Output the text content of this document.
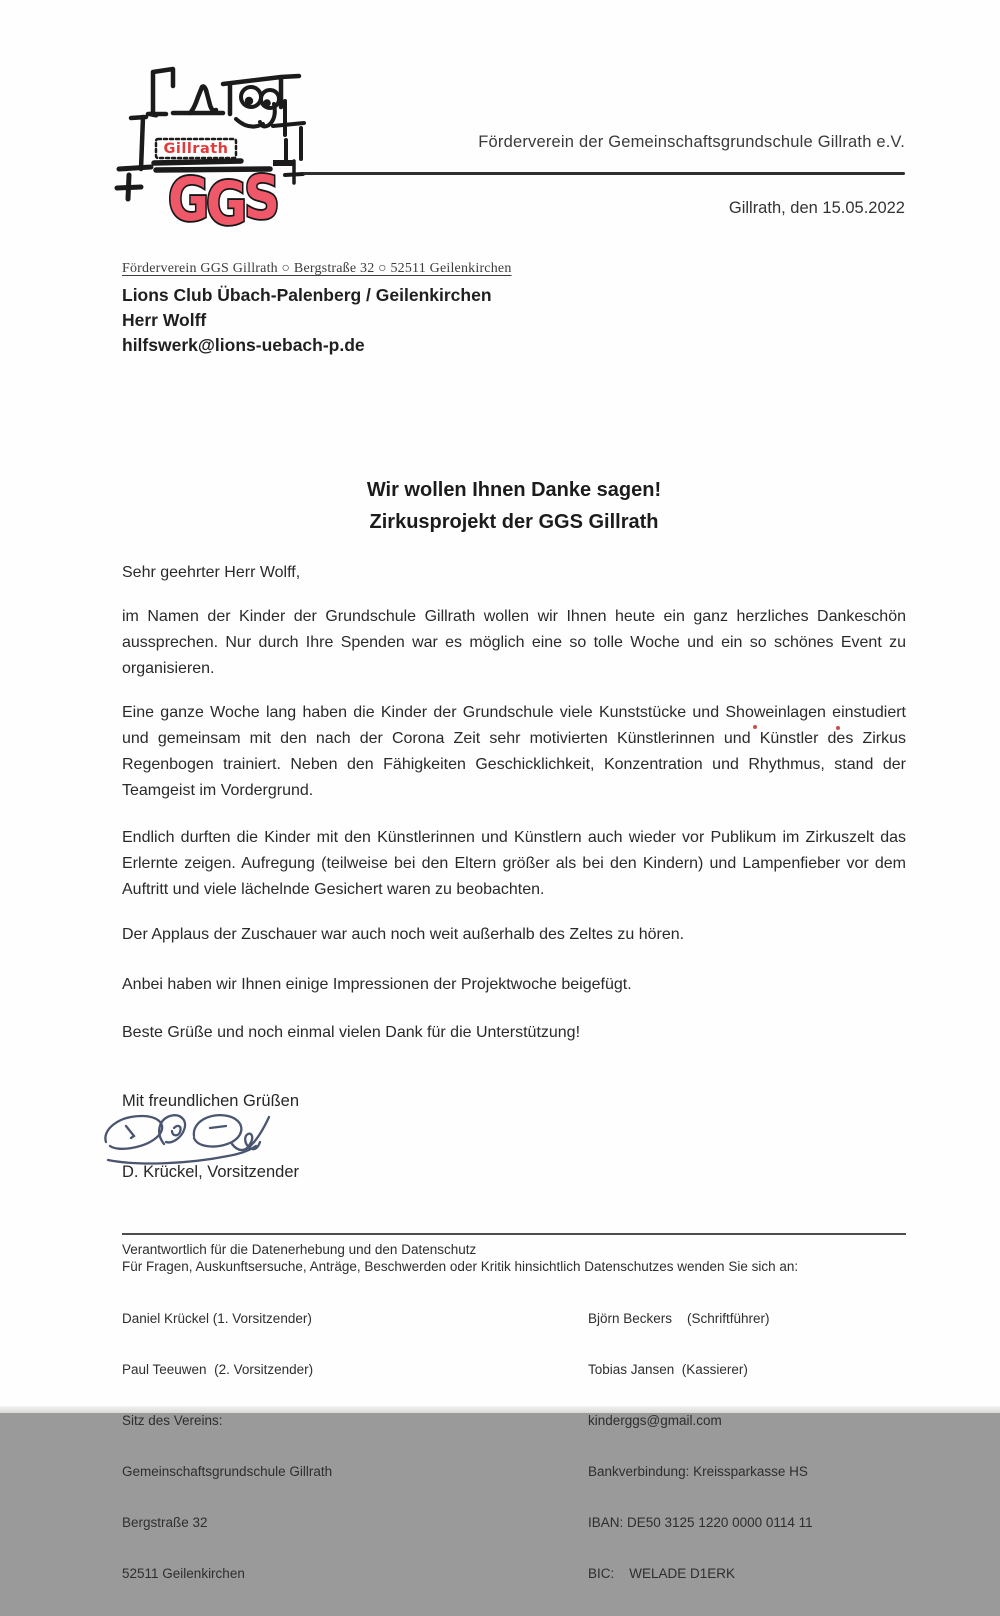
Gillrath
GGS
Förderverein der Gemeinschaftsgrundschule Gillrath e.V.
Gillrath, den 15.05.2022
Förderverein GGS Gillrath ○ Bergstraße 32 ○ 52511 Geilenkirchen
Lions Club Übach-Palenberg / Geilenkirchen
Herr Wolff
hilfswerk@lions-uebach-p.de
Wir wollen Ihnen Danke sagen!
Zirkusprojekt der GGS Gillrath
Sehr geehrter Herr Wolff,
im Namen der Kinder der Grundschule Gillrath wollen wir Ihnen heute ein ganz herzliches Dankeschön aussprechen. Nur durch Ihre Spenden war es möglich eine so tolle Woche und ein so schönes Event zu organisieren.
Eine ganze Woche lang haben die Kinder der Grundschule viele Kunststücke und Showeinlagen einstudiert und gemeinsam mit den nach der Corona Zeit sehr motivierten Künstlerinnen und Künstler des Zirkus Regenbogen trainiert. Neben den Fähigkeiten Geschicklichkeit, Konzentration und Rhythmus, stand der Teamgeist im Vordergrund.
Endlich durften die Kinder mit den Künstlerinnen und Künstlern auch wieder vor Publikum im Zirkuszelt das Erlernte zeigen. Aufregung (teilweise bei den Eltern größer als bei den Kindern) und Lampenfieber vor dem Auftritt und viele lächelnde Gesichert waren zu beobachten.
Der Applaus der Zuschauer war auch noch weit außerhalb des Zeltes zu hören.
Anbei haben wir Ihnen einige Impressionen der Projektwoche beigefügt.
Beste Grüße und noch einmal vielen Dank für die Unterstützung!
Mit freundlichen Grüßen
D. Krückel, Vorsitzender
Verantwortlich für die Datenerhebung und den Datenschutz
Für Fragen, Auskunftsersuche, Anträge, Beschwerden oder Kritik hinsichtlich Datenschutzes wenden Sie sich an:

Daniel Krückel (1. Vorsitzender)

Paul Teeuwen  (2. Vorsitzender)

Sitz des Vereins:

Gemeinschaftsgrundschule Gillrath

Bergstraße 32

52511 Geilenkirchen

Björn Beckers    (Schriftführer)

Tobias Jansen  (Kassierer)

kinderggs@gmail.com

Bankverbindung: Kreissparkasse HS

IBAN: DE50 3125 1220 0000 0114 11

BIC:    WELADE D1ERK
